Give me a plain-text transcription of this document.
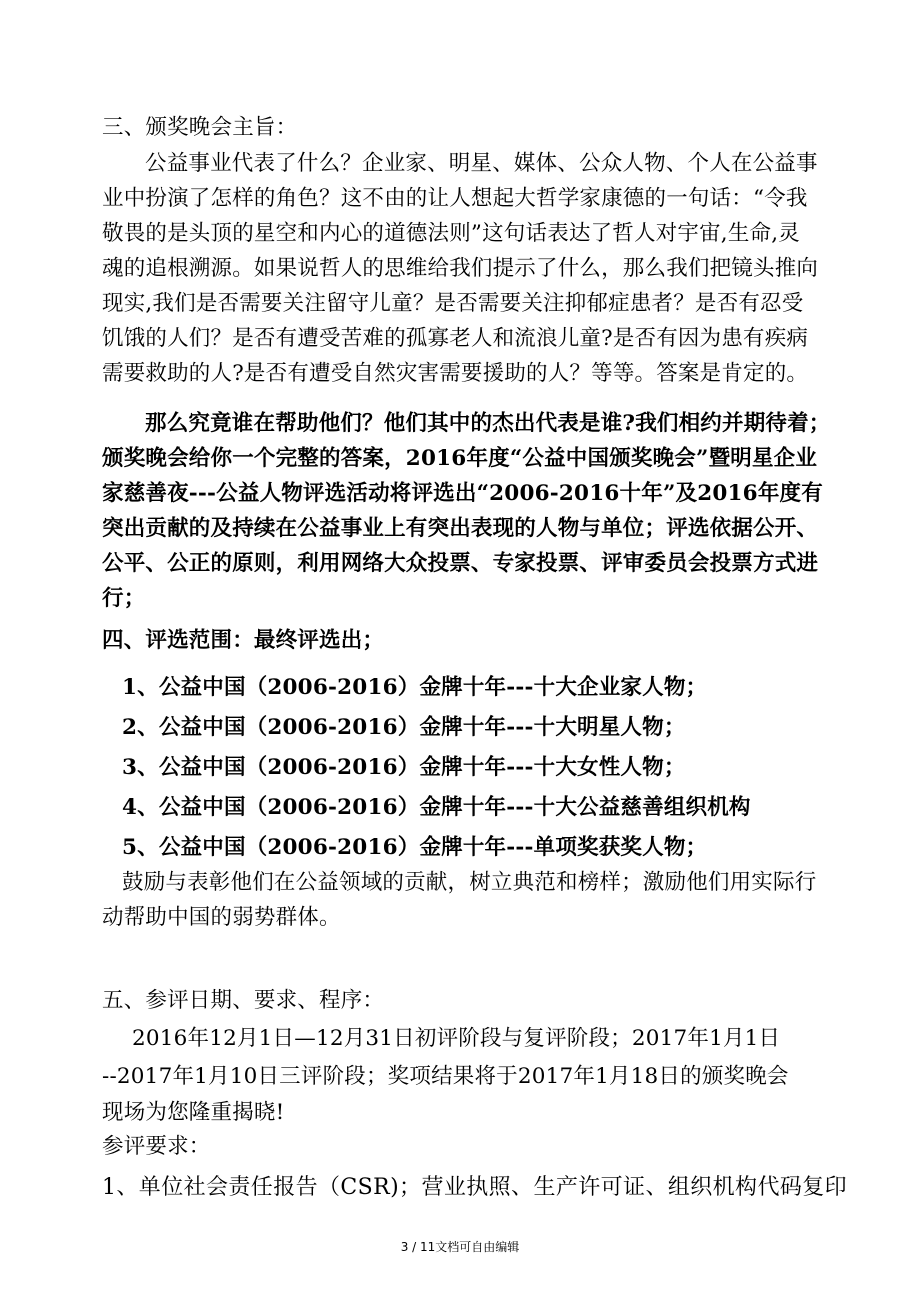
三、颁奖晚会主旨：
公益事业代表了什么？企业家、明星、媒体、公众人物、个人在公益事
业中扮演了怎样的角色？这不由的让人想起大哲学家康德的一句话：“令我
敬畏的是头顶的星空和内心的道德法则”这句话表达了哲人对宇宙,生命,灵
魂的追根溯源。如果说哲人的思维给我们提示了什么，那么我们把镜头推向
现实,我们是否需要关注留守儿童？是否需要关注抑郁症患者？是否有忍受
饥饿的人们？是否有遭受苦难的孤寡老人和流浪儿童?是否有因为患有疾病
需要救助的人?是否有遭受自然灾害需要援助的人？等等。答案是肯定的。
那么究竟谁在帮助他们？他们其中的杰出代表是谁?我们相约并期待着；
颁奖晚会给你一个完整的答案，2016年度“公益中国颁奖晚会”暨明星企业
家慈善夜---公益人物评选活动将评选出“2006-2016十年”及2016年度有
突出贡献的及持续在公益事业上有突出表现的人物与单位；评选依据公开、
公平、公正的原则，利用网络大众投票、专家投票、评审委员会投票方式进
行；
四、评选范围：最终评选出；
1、公益中国（2006-2016）金牌十年---十大企业家人物；
2、公益中国（2006-2016）金牌十年---十大明星人物；
3、公益中国（2006-2016）金牌十年---十大女性人物；
4、公益中国（2006-2016）金牌十年---十大公益慈善组织机构
5、公益中国（2006-2016）金牌十年---单项奖获奖人物；
鼓励与表彰他们在公益领域的贡献，树立典范和榜样；激励他们用实际行
动帮助中国的弱势群体。
五、参评日期、要求、程序：
2016年12月1日—12月31日初评阶段与复评阶段；2017年1月1日
--2017年1月10日三评阶段；奖项结果将于2017年1月18日的颁奖晚会
现场为您隆重揭晓!
参评要求：
1、单位社会责任报告（CSR)；营业执照、生产许可证、组织机构代码复印
3 / 11文档可自由编辑
